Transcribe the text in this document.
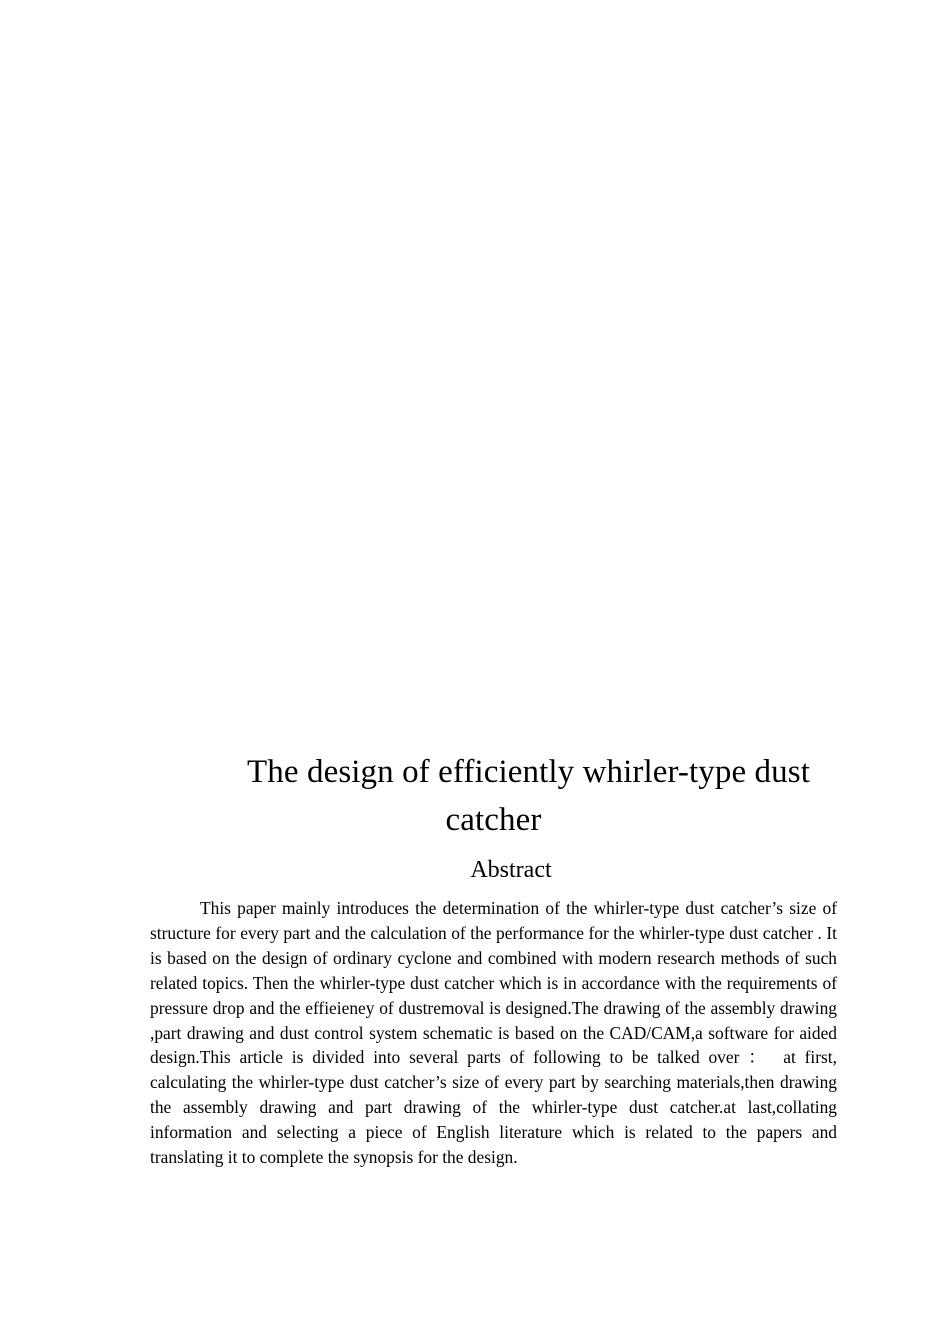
The design of efficiently whirler-type dust
catcher
Abstract

This paper mainly introduces the determination of the whirler-type dust catcher’s size of structure for every part and the calculation of the performance for the whirler-type dust catcher . It is based on the design of ordinary cyclone and combined with modern research methods of such related topics. Then the whirler-type dust catcher which is in accordance with the requirements of pressure drop and the effieieney of dustremoval is designed.The drawing of the assembly drawing ,part drawing and dust control system schematic is based on the CAD/CAM,a software for aided design.This article is divided into several parts of following to be talked over ：　at first, calculating the whirler-type dust catcher’s size of every part by searching materials,then drawing the assembly drawing and part drawing of the whirler-type dust catcher.at last,collating information and selecting a piece of English literature which is related to the papers and translating it to complete the synopsis for the design.
